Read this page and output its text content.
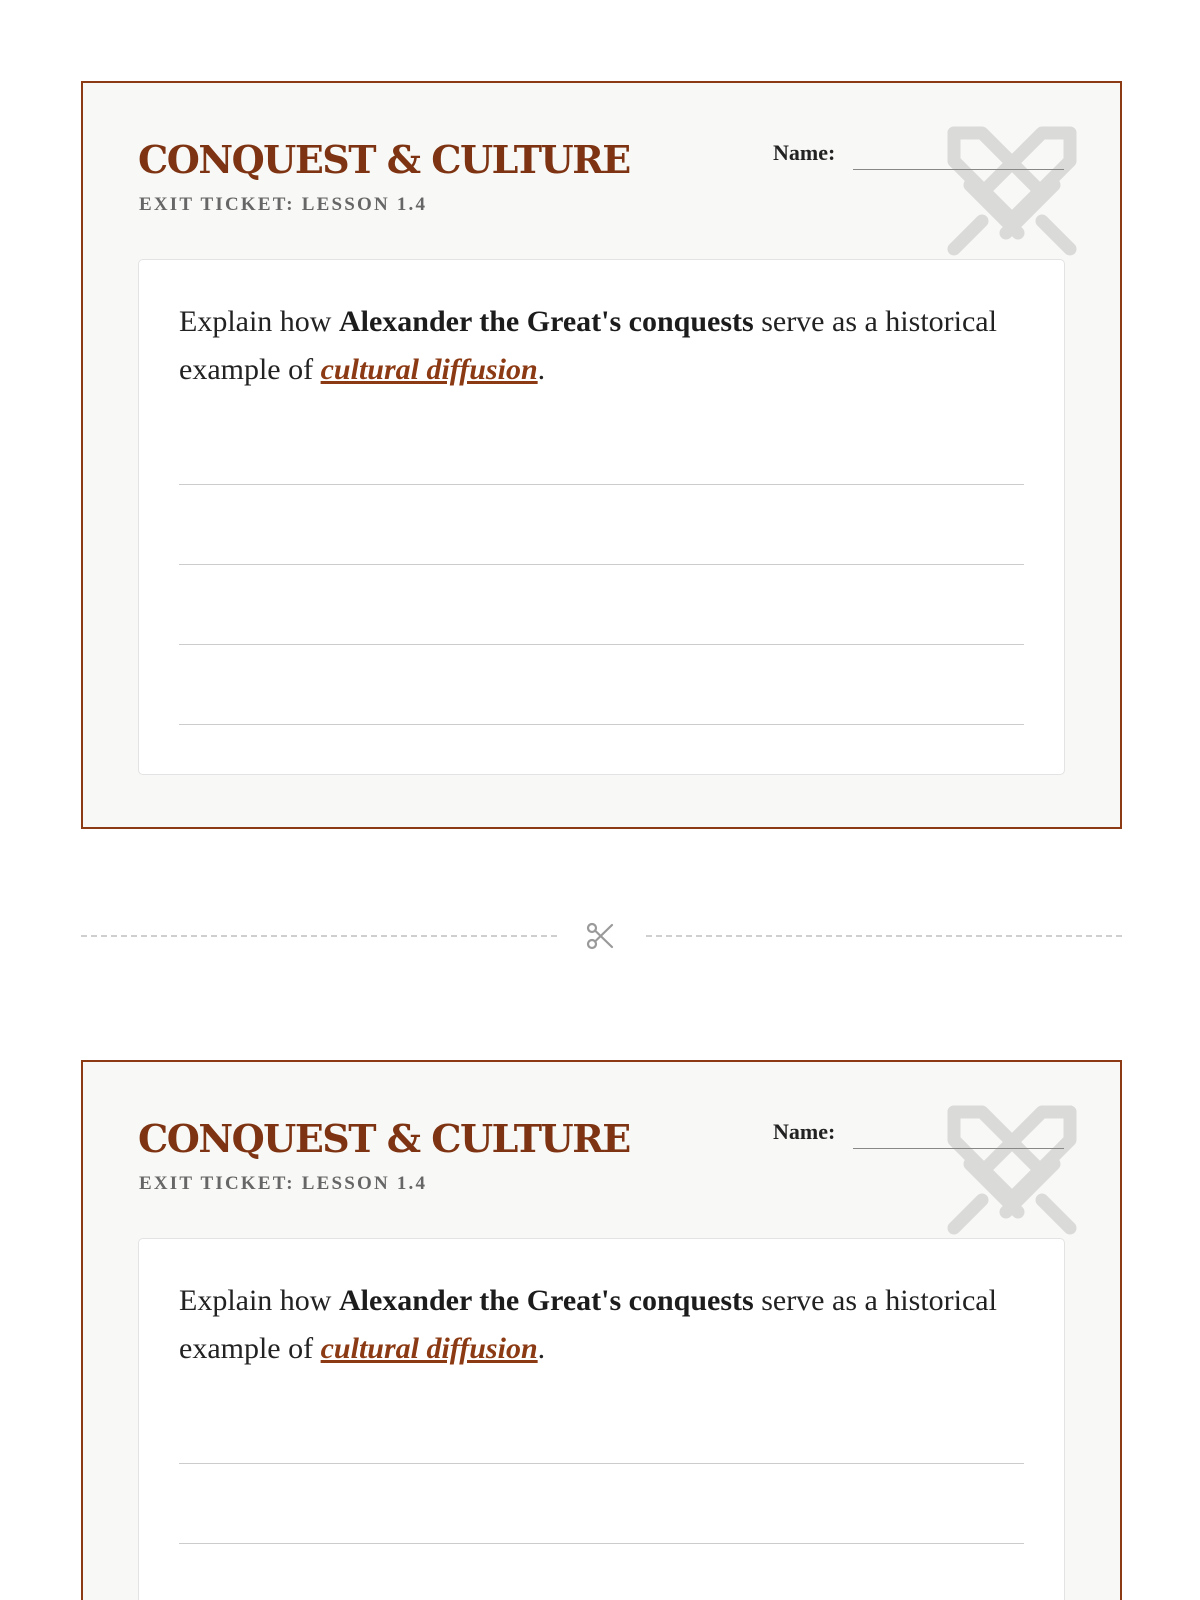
CONQUEST & CULTURE
EXIT TICKET: LESSON 1.4
Name:

Explain how Alexander the Great's conquests serve as a historical example of cultural diffusion.

CONQUEST & CULTURE
EXIT TICKET: LESSON 1.4
Name:

Explain how Alexander the Great's conquests serve as a historical example of cultural diffusion.
